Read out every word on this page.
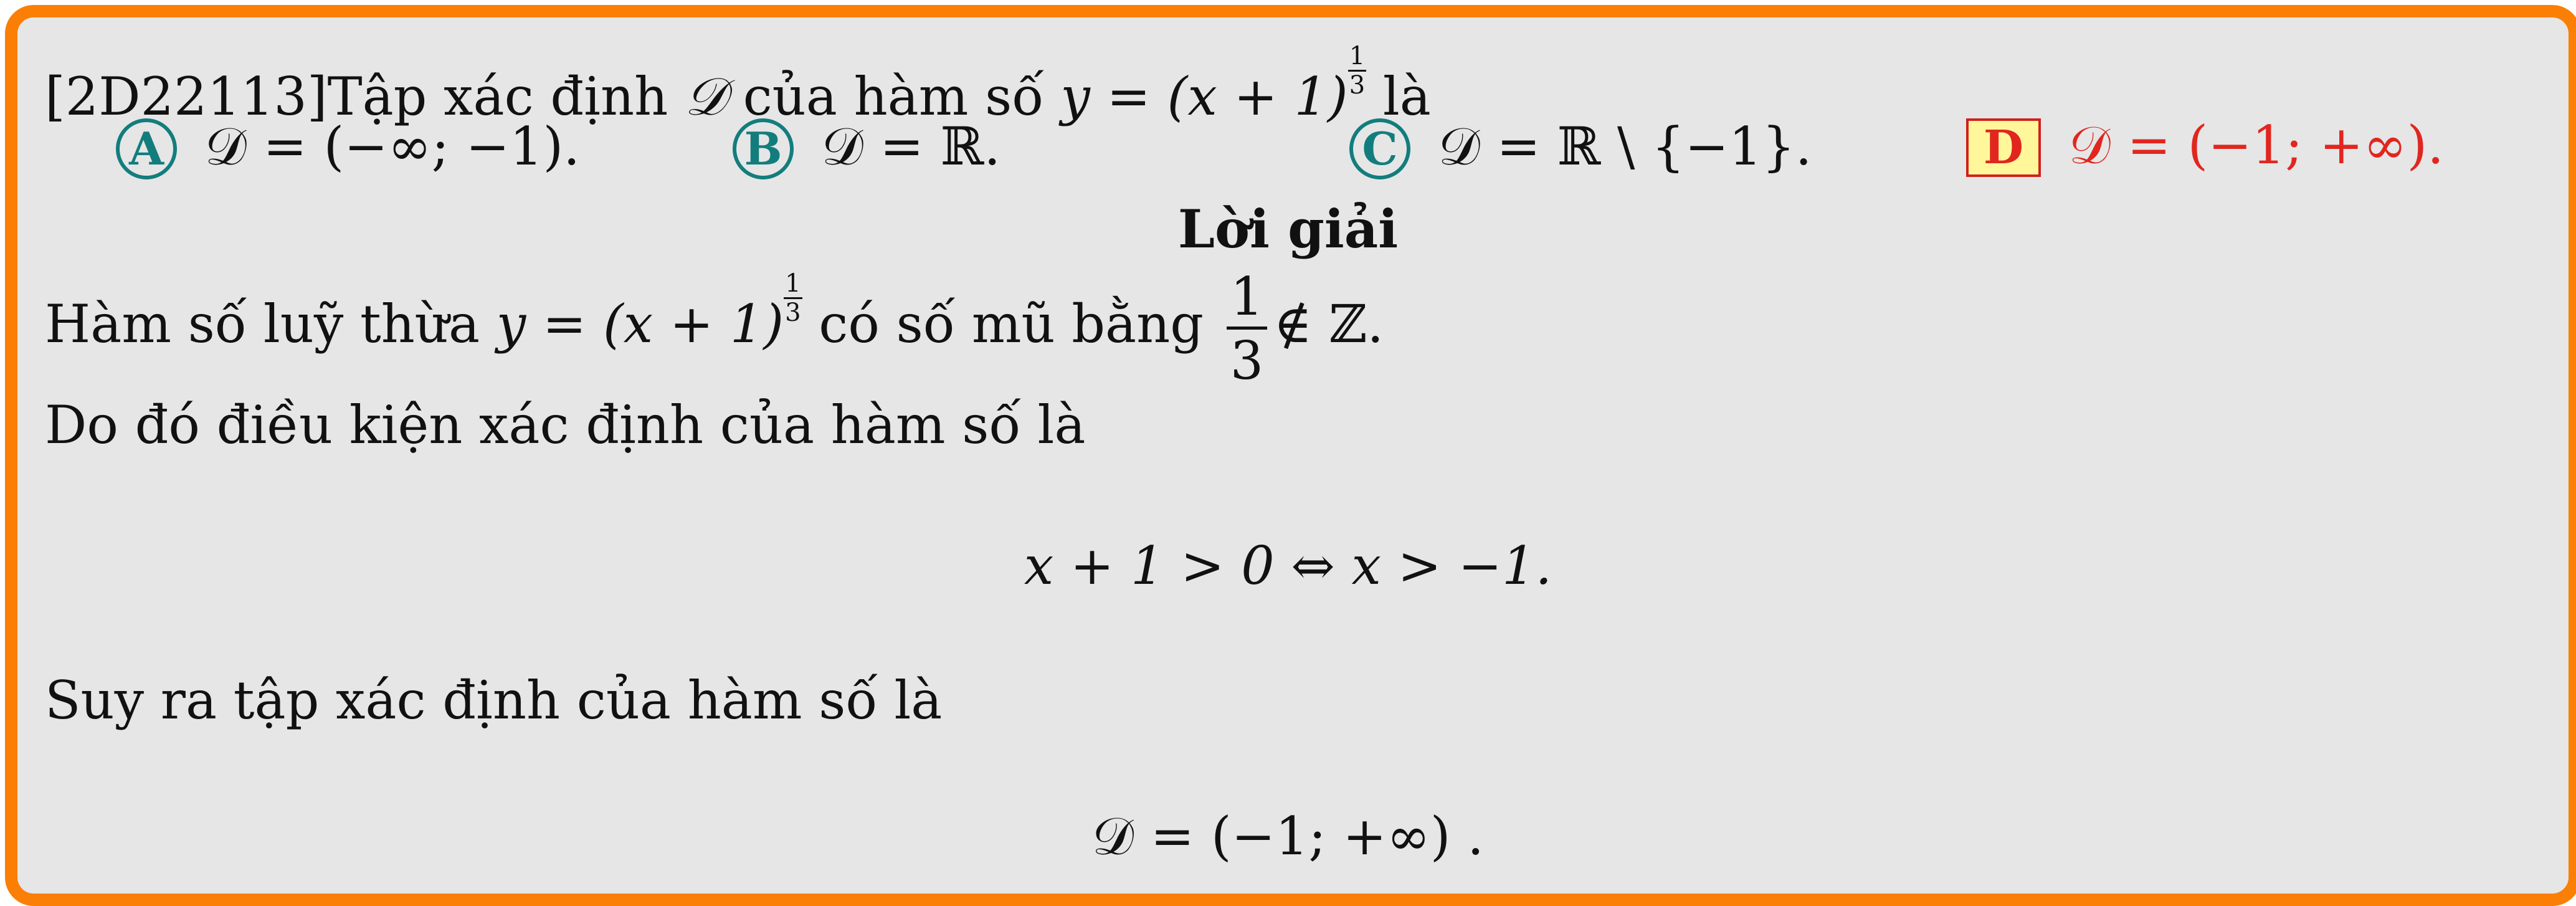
[2D22113]Tập xác định 𝒟 của hàm số y = (x + 1) $^{\frac{1}{3}}$ là
A 𝒟 = (−∞; −1).	B 𝒟 = ℝ.	C 𝒟 = ℝ \ {−1}.	D 𝒟 = (−1; +∞).
Lời giải
Hàm số luỹ thừa y = (x + 1) $^{\frac{1}{3}}$ có số mũ bằng $\frac{1}{3}$ ∉ ℤ.
Do đó điều kiện xác định của hàm số là
x + 1 > 0 ⇔ x > −1.
Suy ra tập xác định của hàm số là
𝒟 = (−1; +∞) .
